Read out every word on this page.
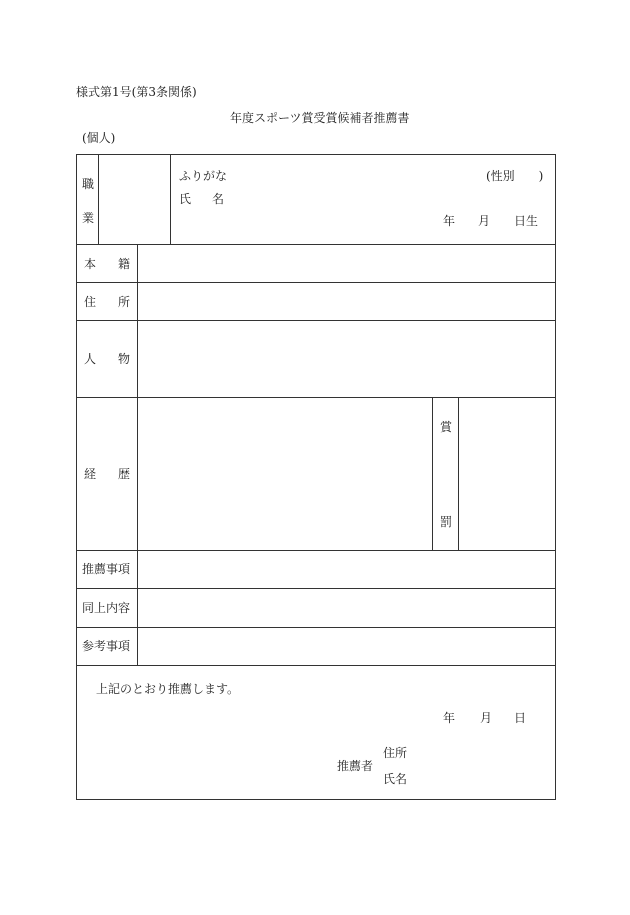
様式第1号(第3条関係)
年度スポーツ賞受賞候補者推薦書
(個人)
職
業
ふりがな
氏 名
(性別　　)
年 月 日生
本 籍
住 所
人 物
経 歴
賞
罰
推薦事項
同上内容
参考事項
上記のとおり推薦します。
年 月 日
住所
推薦者
氏名
